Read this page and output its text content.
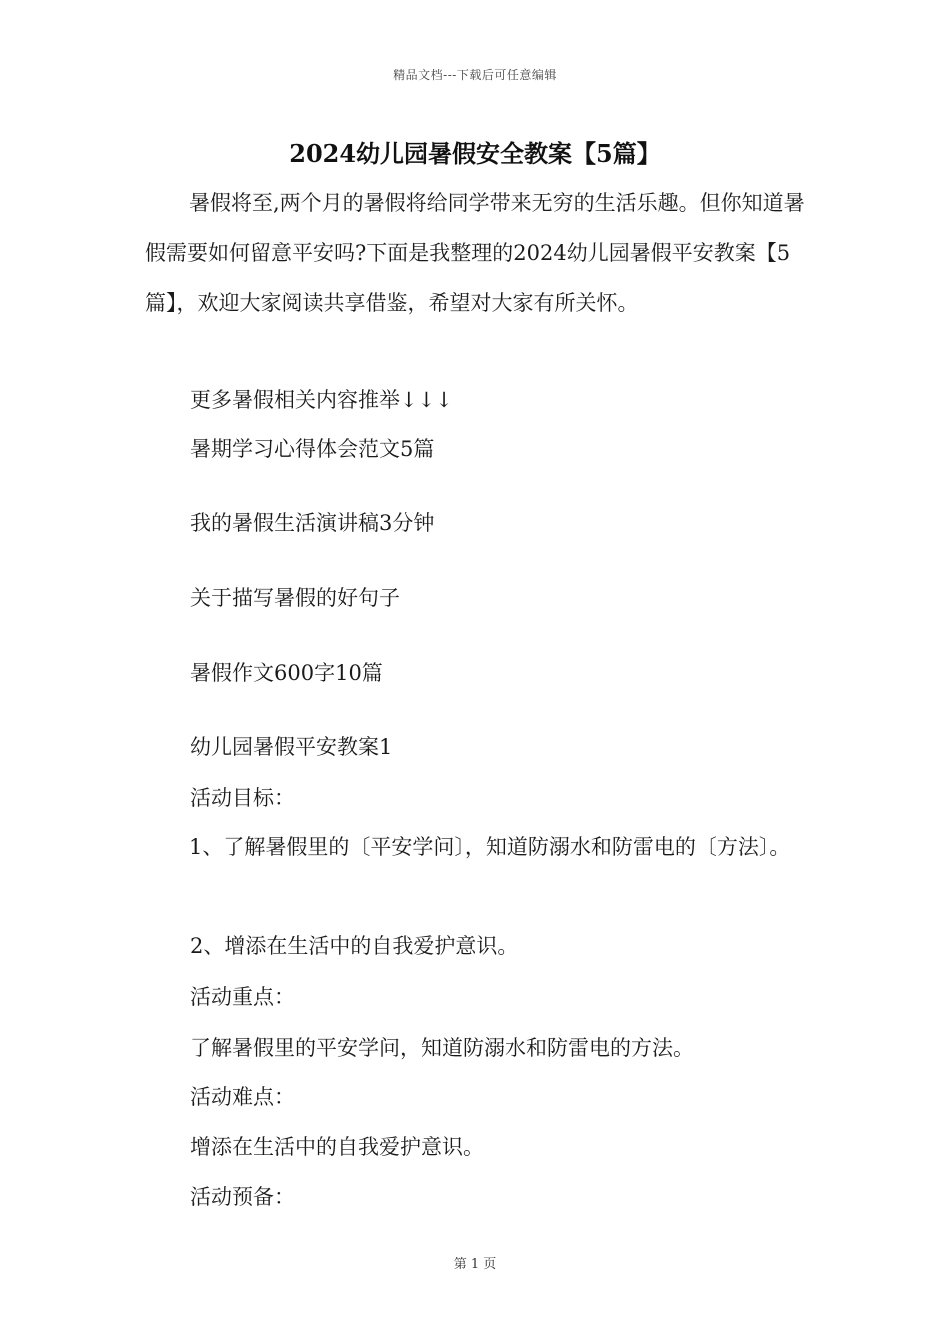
精品文档---下载后可任意编辑
2024幼儿园暑假安全教案【5篇】

暑假将至,两个月的暑假将给同学带来无穷的生活乐趣。但你知道暑假需要如何留意平安吗?下面是我整理的2024幼儿园暑假平安教案【5篇】，欢迎大家阅读共享借鉴，希望对大家有所关怀。

更多暑假相关内容推举↓↓↓

暑期学习心得体会范文5篇

我的暑假生活演讲稿3分钟

关于描写暑假的好句子

暑假作文600字10篇

幼儿园暑假平安教案1

活动目标：

1、了解暑假里的〔平安学问〕，知道防溺水和防雷电的〔方法〕。

2、增添在生活中的自我爱护意识。

活动重点：

了解暑假里的平安学问，知道防溺水和防雷电的方法。

活动难点：

增添在生活中的自我爱护意识。

活动预备：

第 1 页
